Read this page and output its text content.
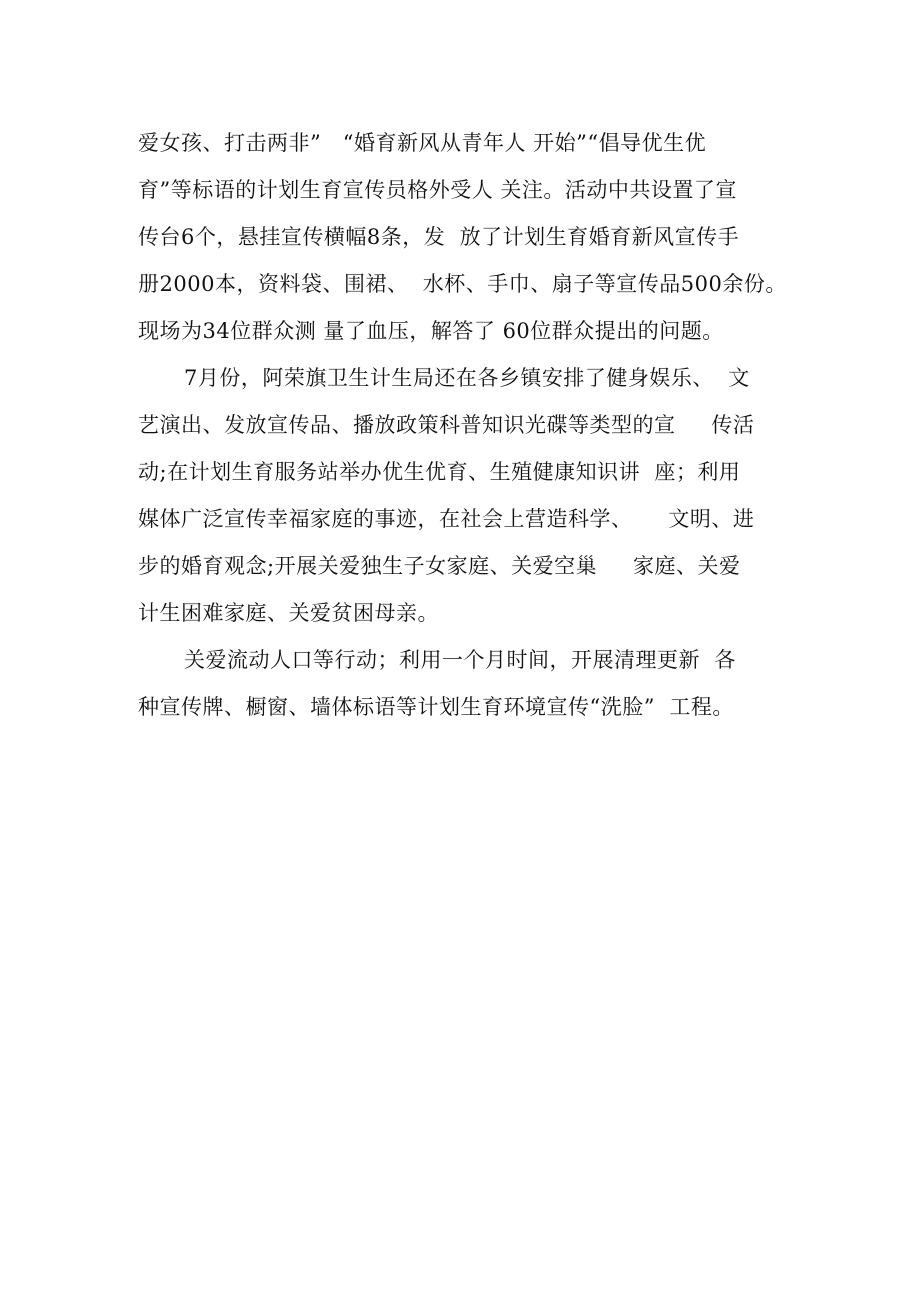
爱女孩、打击两非”　“婚育新风从青年人 开始”“倡导优生优
育”等标语的计划生育宣传员格外受人 关注。活动中共设置了宣
传台6个，悬挂宣传横幅8条，发  放了计划生育婚育新风宣传手
册2000本，资料袋、围裙、  水杯、手巾、扇子等宣传品500余份。
现场为34位群众测 量了血压，解答了 60位群众提出的问题。
7月份，阿荣旗卫生计生局还在各乡镇安排了健身娱乐、  文
艺演出、发放宣传品、播放政策科普知识光碟等类型的宣     传活
动;在计划生育服务站举办优生优育、生殖健康知识讲  座；利用
媒体广泛宣传幸福家庭的事迹，在社会上营造科学、     文明、进
步的婚育观念;开展关爱独生子女家庭、关爱空巢     家庭、关爱
计生困难家庭、关爱贫困母亲。
关爱流动人口等行动；利用一个月时间，开展清理更新  各
种宣传牌、橱窗、墙体标语等计划生育环境宣传“洗脸”  工程。
